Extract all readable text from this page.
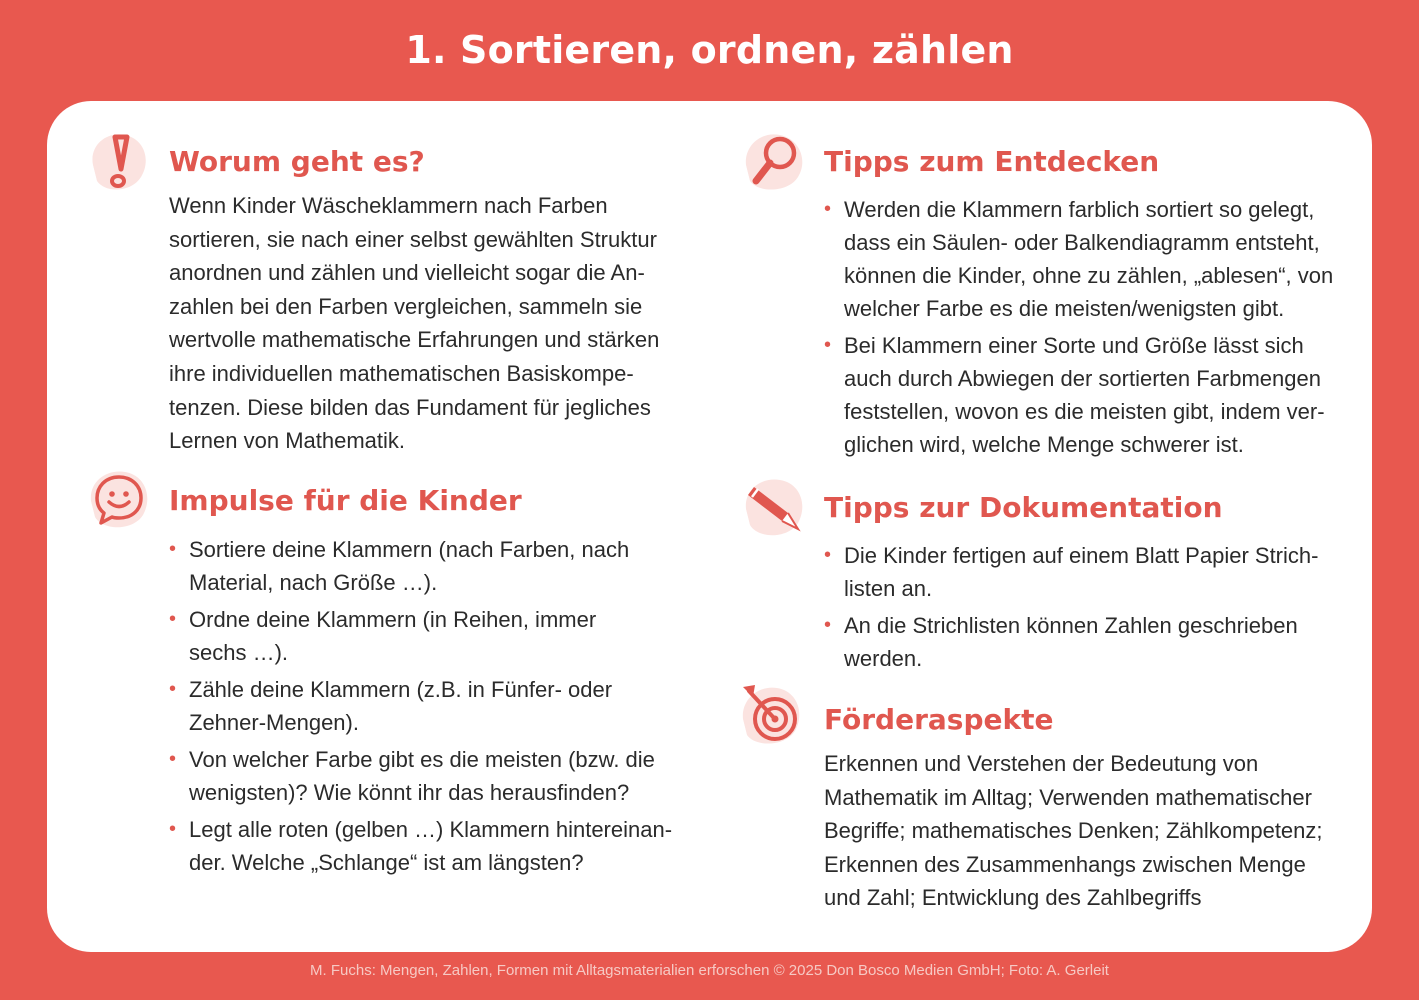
1. Sortieren, ordnen, zählen
Worum geht es?
Wenn Kinder Wäscheklammern nach Farben
sortieren, sie nach einer selbst gewählten Struktur
anordnen und zählen und vielleicht sogar die An-
zahlen bei den Farben vergleichen, sammeln sie
wertvolle mathematische Erfahrungen und stärken
ihre individuellen mathematischen Basiskompe-
tenzen. Diese bilden das Fundament für jegliches
Lernen von Mathematik.
Impulse für die Kinder
• Sortiere deine Klammern (nach Farben, nach
Material, nach Größe …).
• Ordne deine Klammern (in Reihen, immer
sechs …).
• Zähle deine Klammern (z.B. in Fünfer- oder
Zehner-Mengen).
• Von welcher Farbe gibt es die meisten (bzw. die
wenigsten)? Wie könnt ihr das herausfinden?
• Legt alle roten (gelben …) Klammern hintereinan-
der. Welche „Schlange“ ist am längsten?
Tipps zum Entdecken
• Werden die Klammern farblich sortiert so gelegt,
dass ein Säulen- oder Balkendiagramm entsteht,
können die Kinder, ohne zu zählen, „ablesen“, von
welcher Farbe es die meisten/wenigsten gibt.
• Bei Klammern einer Sorte und Größe lässt sich
auch durch Abwiegen der sortierten Farbmengen
feststellen, wovon es die meisten gibt, indem ver-
glichen wird, welche Menge schwerer ist.
Tipps zur Dokumentation
• Die Kinder fertigen auf einem Blatt Papier Strich-
listen an.
• An die Strichlisten können Zahlen geschrieben
werden.
Förderaspekte
Erkennen und Verstehen der Bedeutung von
Mathematik im Alltag; Verwenden mathematischer
Begriffe; mathematisches Denken; Zählkompetenz;
Erkennen des Zusammenhangs zwischen Menge
und Zahl; Entwicklung des Zahlbegriffs
M. Fuchs: Mengen, Zahlen, Formen mit Alltagsmaterialien erforschen © 2025 Don Bosco Medien GmbH; Foto: A. Gerleit
